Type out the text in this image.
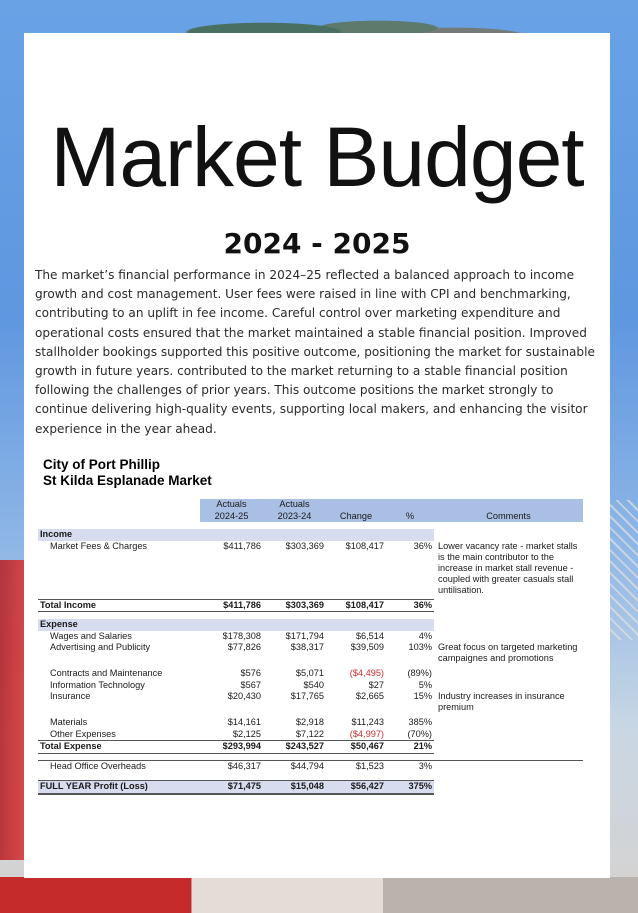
Market Budget
2024 - 2025

The market’s financial performance in 2024–25 reflected a balanced approach to income growth and cost management. User fees were raised in line with CPI and benchmarking, contributing to an uplift in fee income. Careful control over marketing expenditure and operational costs ensured that the market maintained a stable financial position. Improved stallholder bookings supported this positive outcome, positioning the market for sustainable growth in future years. contributed to the market returning to a stable financial position following the challenges of prior years. This outcome positions the market strongly to continue delivering high-quality events, supporting local makers, and enhancing the visitor experience in the year ahead.

City of Port Phillip
St Kilda Esplanade Market
	Actuals	Actuals			
	2024-25	2023-24	Change	%	Comments

Income					
Market Fees & Charges	$411,786	$303,369	$108,417	36%	Lower vacancy rate - market stalls is the main contributor to the increase in market stall revenue - coupled with greater casuals stall untilisation.

Total Income	$411,786	$303,369	$108,417	36%	

Expense					
Wages and Salaries	$178,308	$171,794	$6,514	4%	
Advertising and Publicity	$77,826	$38,317	$39,509	103%	Great focus on targeted marketing campaignes and promotions

Contracts and Maintenance	$576	$5,071	($4,495)	(89%)	
Information Technology	$567	$540	$27	5%	
Insurance	$20,430	$17,765	$2,665	15%	Industry increases in insurance premium

Materials	$14,161	$2,918	$11,243	385%	
Other Expenses	$2,125	$7,122	($4,997)	(70%)	
Total Expense	$293,994	$243,527	$50,467	21%	

Head Office Overheads	$46,317	$44,794	$1,523	3%	

FULL YEAR Profit (Loss)	$71,475	$15,048	$56,427	375%	
